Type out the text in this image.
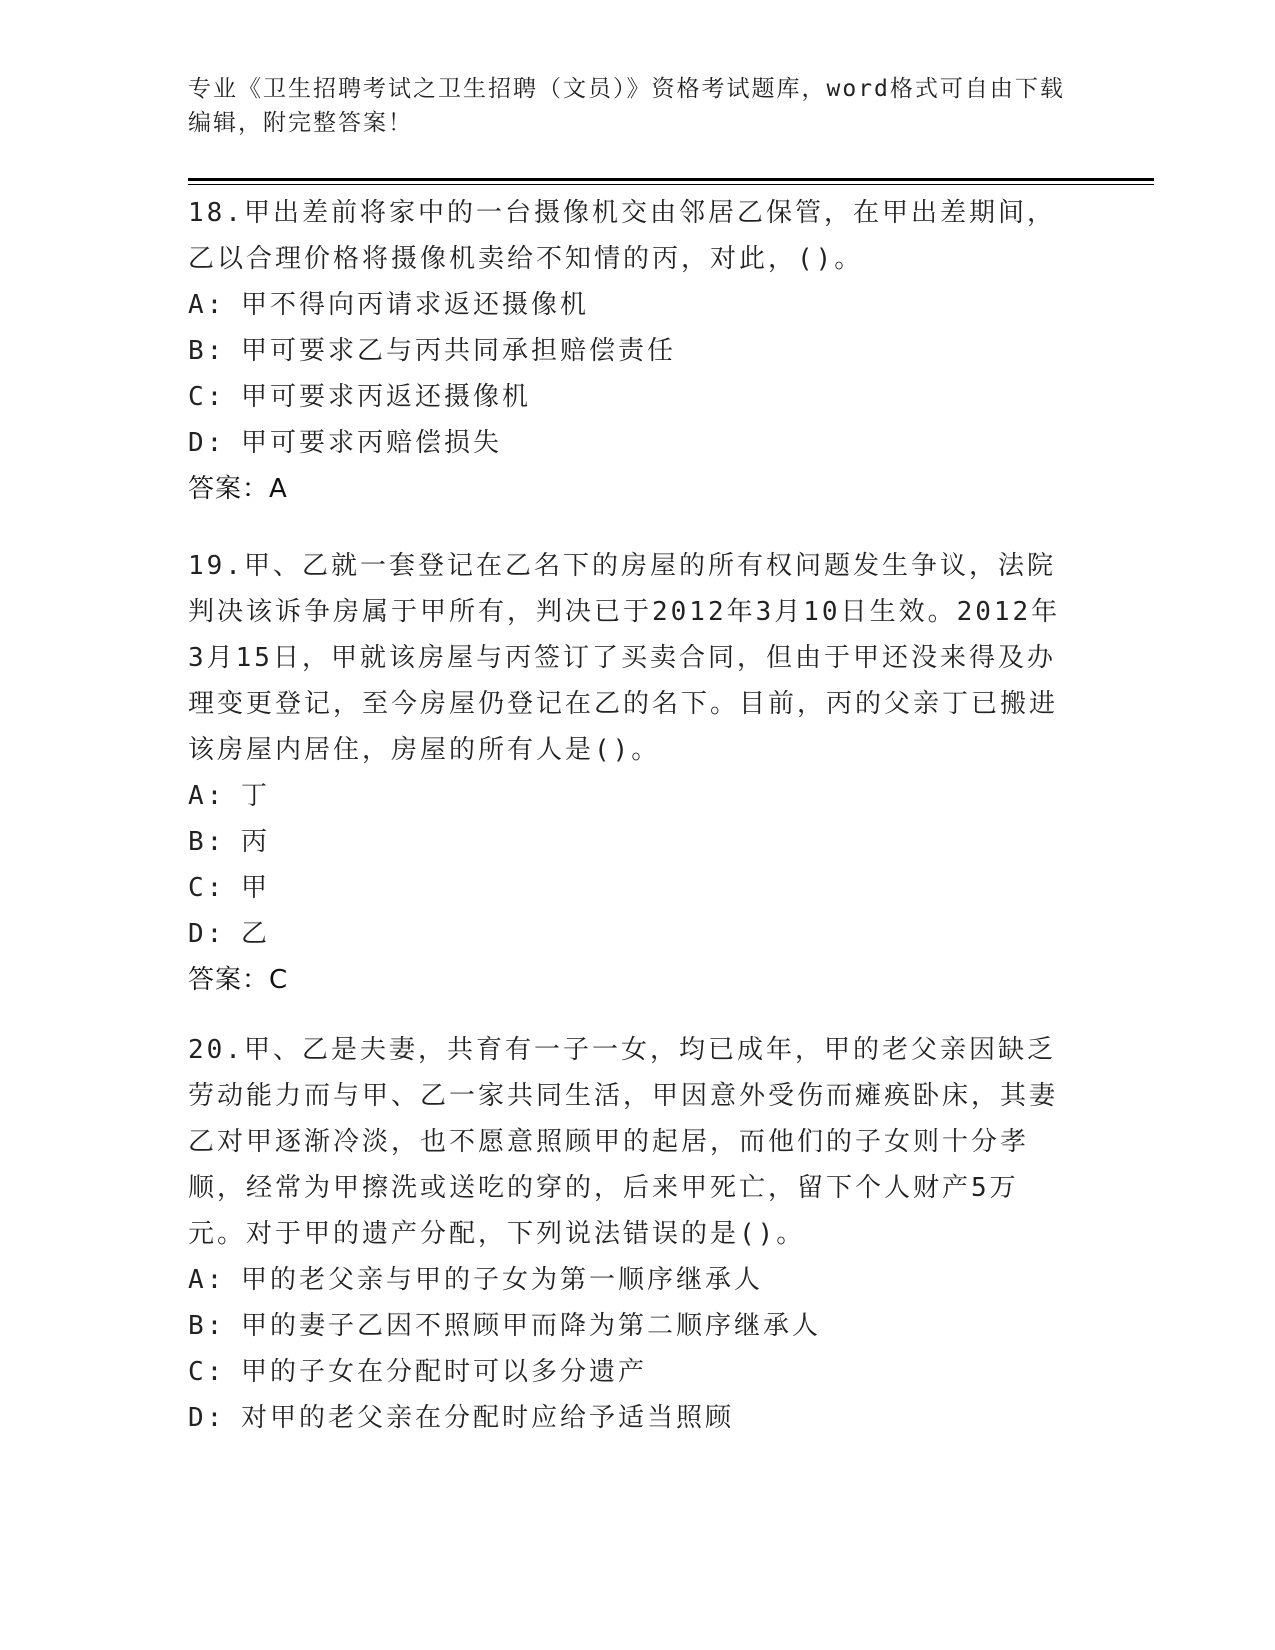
专业《卫生招聘考试之卫生招聘（文员）》资格考试题库，word格式可自由下载编辑，附完整答案！

18.甲出差前将家中的一台摄像机交由邻居乙保管，在甲出差期间，乙以合理价格将摄像机卖给不知情的丙，对此，()。

A: 甲不得向丙请求返还摄像机

B: 甲可要求乙与丙共同承担赔偿责任

C: 甲可要求丙返还摄像机

D: 甲可要求丙赔偿损失

答案：A

19.甲、乙就一套登记在乙名下的房屋的所有权问题发生争议，法院判决该诉争房属于甲所有，判决已于2012年3月10日生效。2012年3月15日，甲就该房屋与丙签订了买卖合同，但由于甲还没来得及办理变更登记，至今房屋仍登记在乙的名下。目前，丙的父亲丁已搬进该房屋内居住，房屋的所有人是()。

A: 丁

B: 丙

C: 甲

D: 乙

答案：C

20.甲、乙是夫妻，共育有一子一女，均已成年，甲的老父亲因缺乏劳动能力而与甲、乙一家共同生活，甲因意外受伤而瘫痪卧床，其妻乙对甲逐渐冷淡，也不愿意照顾甲的起居，而他们的子女则十分孝顺，经常为甲擦洗或送吃的穿的，后来甲死亡，留下个人财产5万元。对于甲的遗产分配，下列说法错误的是()。

A: 甲的老父亲与甲的子女为第一顺序继承人

B: 甲的妻子乙因不照顾甲而降为第二顺序继承人

C: 甲的子女在分配时可以多分遗产

D: 对甲的老父亲在分配时应给予适当照顾
